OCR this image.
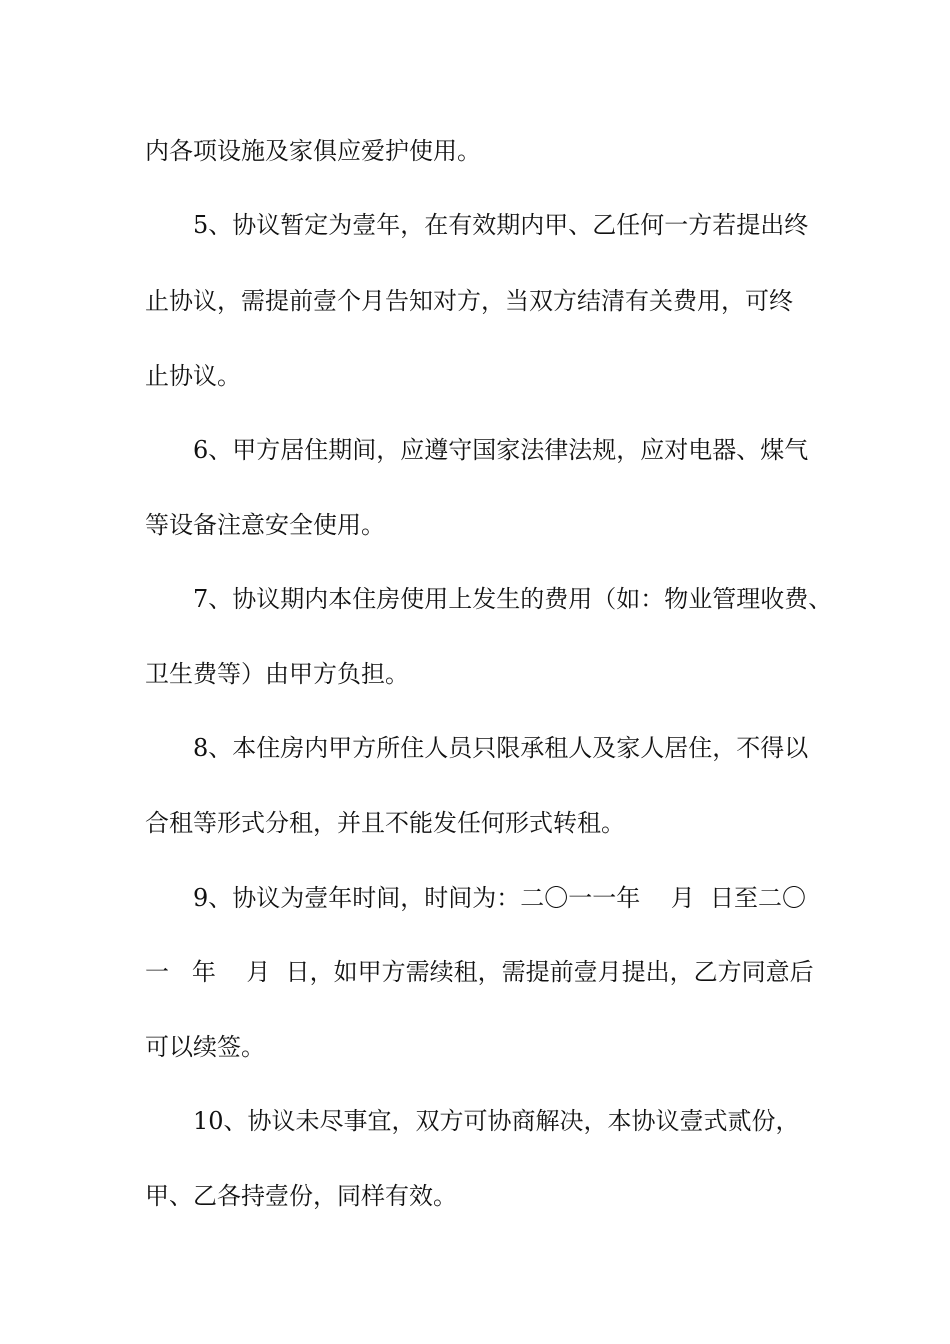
内各项设施及家俱应爱护使用。
5、协议暂定为壹年，在有效期内甲、乙任何一方若提出终
止协议，需提前壹个月告知对方，当双方结清有关费用，可终
止协议。
6、甲方居住期间，应遵守国家法律法规，应对电器、煤气
等设备注意安全使用。
7、协议期内本住房使用上发生的费用（如：物业管理收费、
卫生费等）由甲方负担。
8、本住房内甲方所住人员只限承租人及家人居住，不得以
合租等形式分租，并且不能发任何形式转租。
9、协议为壹年时间，时间为：二〇一一年    月  日至二〇
一   年    月  日，如甲方需续租，需提前壹月提出，乙方同意后
可以续签。
10、协议未尽事宜，双方可协商解决，本协议壹式贰份，
甲、乙各持壹份，同样有效。
